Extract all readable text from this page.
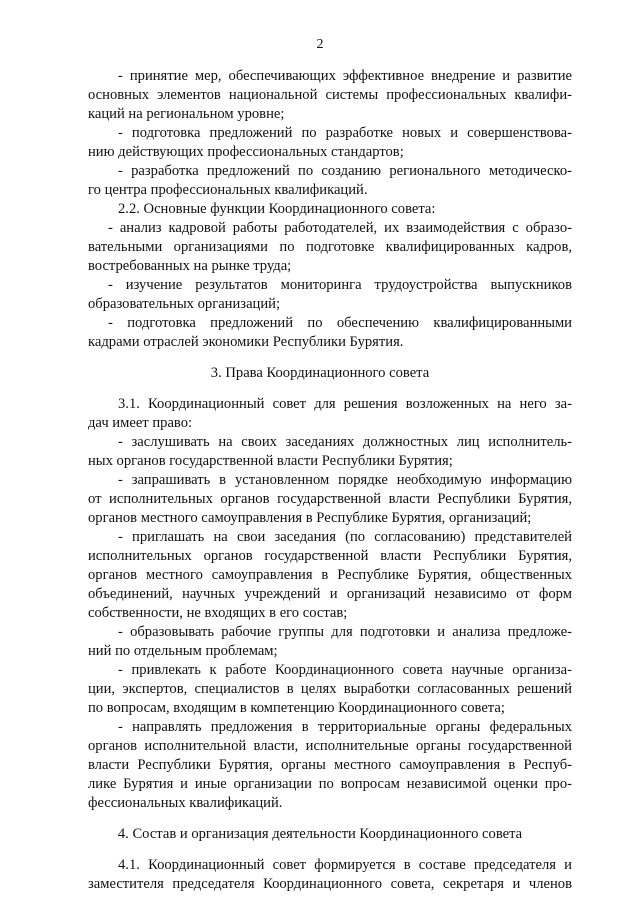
2
- принятие мер, обеспечивающих эффективное внедрение и развитие
основных элементов национальной системы профессиональных квалифи-
каций на региональном уровне;
- подготовка предложений по разработке новых и совершенствова-
нию действующих профессиональных стандартов;
- разработка предложений по созданию регионального методическо-
го центра профессиональных квалификаций.
2.2. Основные функции Координационного совета:
- анализ кадровой работы работодателей, их взаимодействия с образо-
вательными организациями по подготовке квалифицированных кадров,
востребованных на рынке труда;
- изучение результатов мониторинга трудоустройства выпускников
образовательных организаций;
- подготовка предложений по обеспечению квалифицированными
кадрами отраслей экономики Республики Бурятия.
3. Права Координационного совета
3.1. Координационный совет для решения возложенных на него за-
дач имеет право:
- заслушивать на своих заседаниях должностных лиц исполнитель-
ных органов государственной власти Республики Бурятия;
- запрашивать в установленном порядке необходимую информацию
от исполнительных органов государственной власти Республики Бурятия,
органов местного самоуправления в Республике Бурятия, организаций;
- приглашать на свои заседания (по согласованию) представителей
исполнительных органов государственной власти Республики Бурятия,
органов местного самоуправления в Республике Бурятия, общественных
объединений, научных учреждений и организаций независимо от форм
собственности, не входящих в его состав;
- образовывать рабочие группы для подготовки и анализа предложе-
ний по отдельным проблемам;
- привлекать к работе Координационного совета научные организа-
ции, экспертов, специалистов в целях выработки согласованных решений
по вопросам, входящим в компетенцию Координационного совета;
- направлять предложения в территориальные органы федеральных
органов исполнительной власти, исполнительные органы государственной
власти Республики Бурятия, органы местного самоуправления в Респуб-
лике Бурятия и иные организации по вопросам независимой оценки про-
фессиональных квалификаций.
4. Состав и организация деятельности Координационного совета
4.1. Координационный совет формируется в составе председателя и
заместителя председателя Координационного совета, секретаря и членов
